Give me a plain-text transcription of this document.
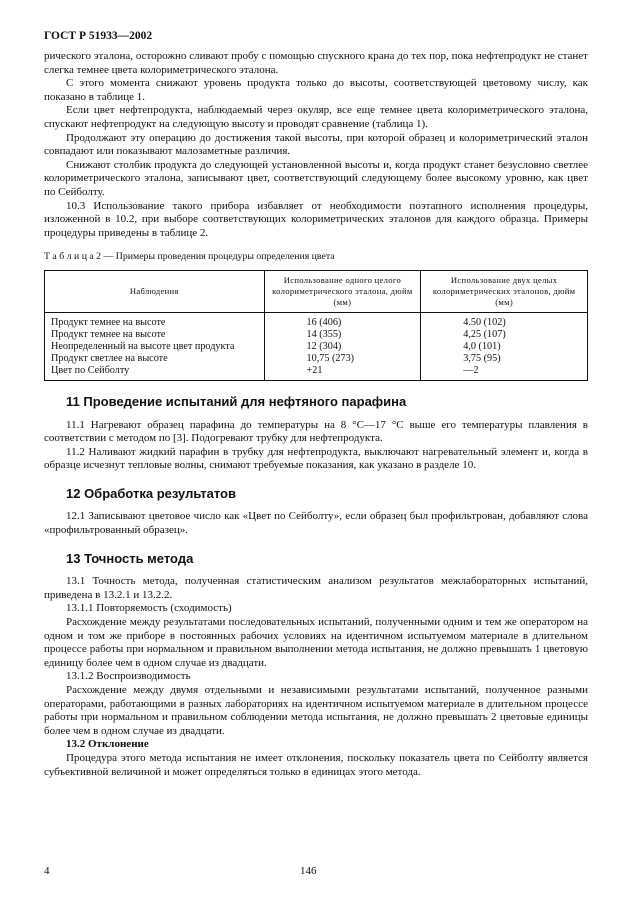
ГОСТ Р 51933—2002

рического эталона, осторожно сливают пробу с помощью спускного крана до тех пор, пока нефтепродукт не станет слегка темнее цвета колориметрического эталона.

С этого момента снижают уровень продукта только до высоты, соответствующей цветовому числу, как показано в таблице 1.

Если цвет нефтепродукта, наблюдаемый через окуляр, все еще темнее цвета колориметрического эталона, спускают нефтепродукт на следующую высоту и проводят сравнение (таблица 1).

Продолжают эту операцию до достижения такой высоты, при которой образец и колориметрический эталон совпадают или показывают малозаметные различия.

Снижают столбик продукта до следующей установленной высоты и, когда продукт станет безусловно светлее колориметрического эталона, записывают цвет, соответствующий следующему более высокому уровню, как цвет по Сейболту.

10.3 Использование такого прибора избавляет от необходимости поэтапного исполнения процедуры, изложенной в 10.2, при выборе соответствующих колориметрических эталонов для каждого образца. Примеры процедуры приведены в таблице 2.

Т а б л и ц а 2 — Примеры проведения процедуры определения цвета
Наблюдения	Использование одного целого колориметрического эталона, дюйм (мм)	Использование двух целых колориметрических эталонов, дюйм (мм)
Продукт темнее на высоте	16 (406)	4.50 (102)
Продукт темнее на высоте	14 (355)	4,25 (107)
Неопределенный на высоте цвет продукта	12 (304)	4,0 (101)
Продукт светлее на высоте	10,75 (273)	3,75 (95)
Цвет по Сейболту	+21	—2
11 Проведение испытаний для нефтяного парафина

11.1 Нагревают образец парафина до температуры на 8 °С—17 °С выше его температуры плавления в соответствии с методом по [3]. Подогревают трубку для нефтепродукта.

11.2 Наливают жидкий парафин в трубку для нефтепродукта, выключают нагревательный элемент и, когда в образце исчезнут тепловые волны, снимают требуемые показания, как указано в разделе 10.

12 Обработка результатов

12.1 Записывают цветовое число как «Цвет по Сейболту», если образец был профильтрован, добавляют слова «профильтрованный образец».

13 Точность метода

13.1 Точность метода, полученная статистическим анализом результатов межлабораторных испытаний, приведена в 13.2.1 и 13.2.2.

13.1.1 Повторяемость (сходимость)

Расхождение между результатами последовательных испытаний, полученными одним и тем же оператором на одном и том же приборе в постоянных рабочих условиях на идентичном испытуемом материале в длительном процессе работы при нормальном и правильном выполнении метода испытания, не должно превышать 1 цветовую единицу более чем в одном случае из двадцати.

13.1.2 Воспроизводимость

Расхождение между двумя отдельными и независимыми результатами испытаний, полученное разными операторами, работающими в разных лабораториях на идентичном испытуемом материале в длительном процессе работы при нормальном и правильном соблюдении метода испытания, не должно превышать 2 цветовые единицы более чем в одном случае из двадцати.

13.2 Отклонение

Процедура этого метода испытания не имеет отклонения, поскольку показатель цвета по Сейболту является субъективной величиной и может определяться только в единицах этого метода.

4	146
